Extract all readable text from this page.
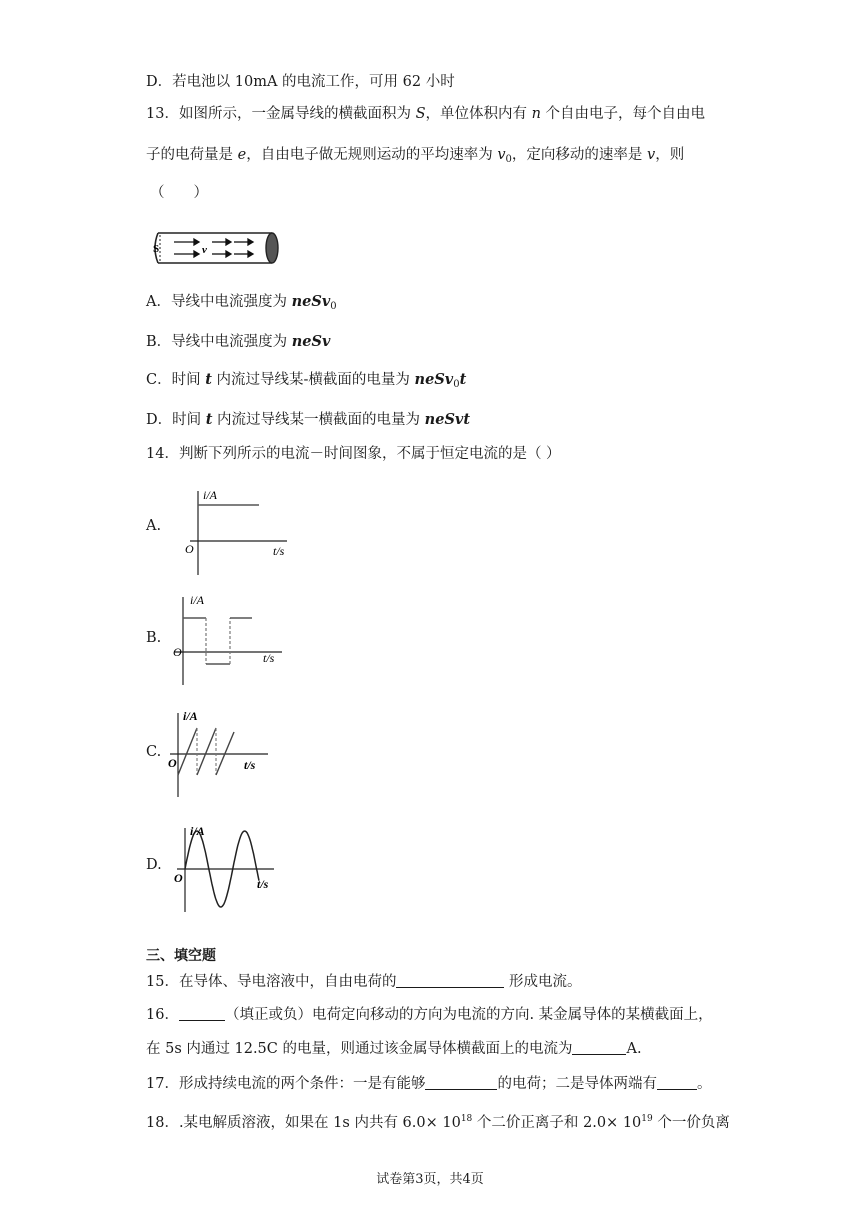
D．若电池以 10mA 的电流工作，可用 62 小时
13．如图所示，一金属导线的横截面积为 S，单位体积内有 n 个自由电子，每个自由电
子的电荷量是 e，自由电子做无规则运动的平均速率为 $v_0$，定向移动的速率是 v，则
（　　）
S	v
A．导线中电流强度为 neSv$_0$
B．导线中电流强度为 neSv
C．时间 t 内流过导线某-横截面的电量为 neSv$_0$t
D．时间 t 内流过导线某一横截面的电量为 neSvt
14．判断下列所示的电流－时间图象，不属于恒定电流的是（ ）
A.
i/A
O	t/s
B.
i/A
O	t/s
C.
i/A
O	t/s
D.
i/A
O	t/s
三、填空题
15．在导体、导电溶液中，自由电荷的	形成电流。
16．	（填正或负）电荷定向移动的方向为电流的方向. 某金属导体的某横截面上，
在 5s 内通过 12.5C 的电量，则通过该金属导体横截面上的电流为	A.
17．形成持续电流的两个条件：一是有能够	的电荷；二是导体两端有	。
18．.某电解质溶液，如果在 1s 内共有 $6.0\times 10^{18}$ 个二价正离子和 $2.0\times 10^{19}$ 个一价负离
试卷第3页，共4页
